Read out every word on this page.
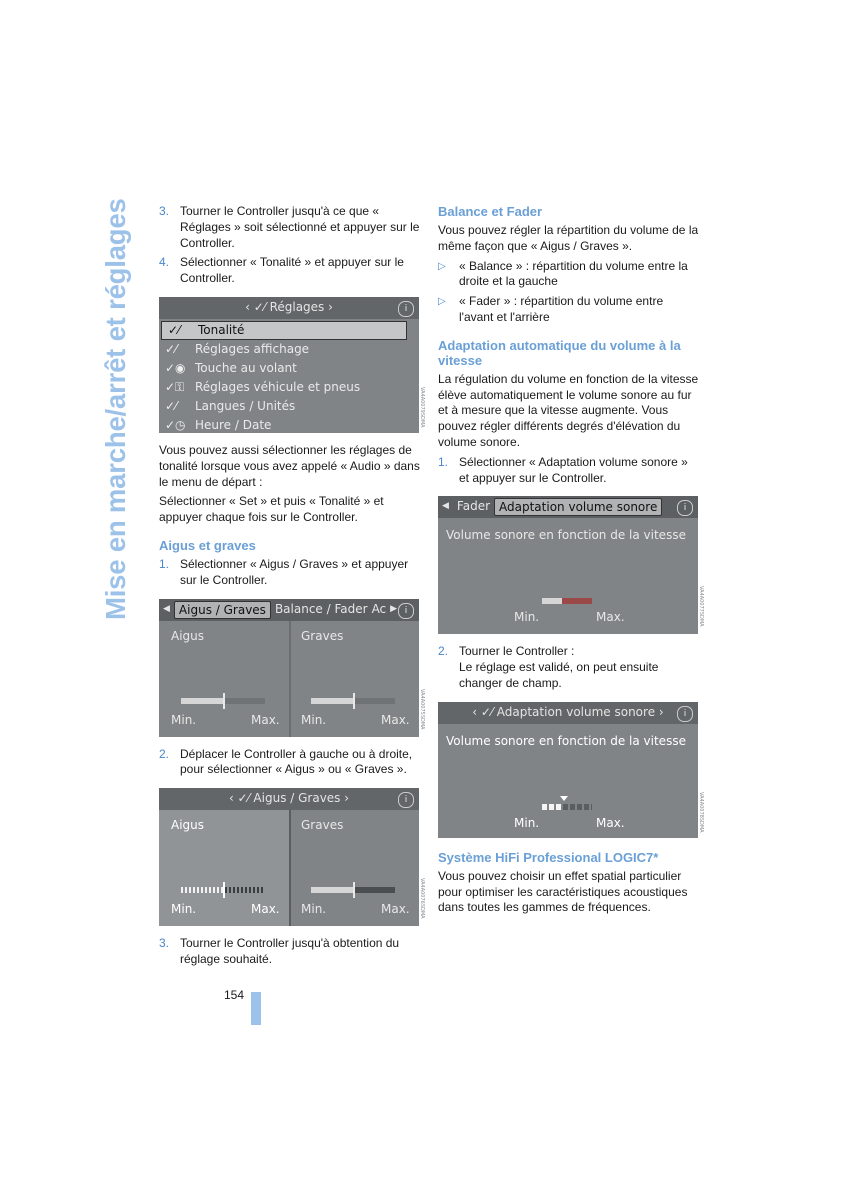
Mise en marche/arrêt et réglages	3. Tourner le Controller jusqu'à ce que « Réglages » soit sélectionné et appuyer sur le Controller.
4. Sélectionner « Tonalité » et appuyer sur le Controller.
‹ ✓⁄ Réglages ›	i
✓⁄	Tonalité
✓⁄	Réglages affichage
✓◉ Touche au volant
✓⚿ Réglages véhicule et pneus
✓⁄	Langues / Unités
✓◷ Heure / Date	VA4A0079SDMA

Vous pouvez aussi sélectionner les réglages de tonalité lorsque vous avez appelé « Audio » dans le menu de départ :

Sélectionner « Set » et puis « Tonalité » et appuyer chaque fois sur le Controller.

Aigus et graves
1. Sélectionner « Aigus / Graves » et appuyer sur le Controller.
◀ Aigus / Graves Balance / Fader Ac ▶ i
Aigus	Graves
Min.	Max. Min.	Max.	VA4A0075SDMA
2. Déplacer le Controller à gauche ou à droite, pour sélectionner « Aigus » ou « Graves ».
‹ ✓⁄ Aigus / Graves ›	i
Aigus	Graves
Min.	Max. Min.	Max.	VA4A0076SDMA
3. Tourner le Controller jusqu'à obtention du réglage souhaité.
Balance et Fader

Vous pouvez régler la répartition du volume de la même façon que « Aigus / Graves ».

▷	« Balance » : répartition du volume entre la droite et la gauche
▷	« Fader » : répartition du volume entre l'avant et l'arrière
Adaptation automatique du volume à la vitesse

La régulation du volume en fonction de la vitesse élève automatiquement le volume sonore au fur et à mesure que la vitesse augmente. Vous pouvez régler différents degrés d'élévation du volume sonore.

1. Sélectionner « Adaptation volume sonore » et appuyer sur le Controller.
◀ Fader Adaptation volume sonore	i
Volume sonore en fonction de la vitesse
Min.	Max.	VA4A0077SDMA
2. Tourner le Controller :
Le réglage est validé, on peut ensuite changer de champ.
‹ ✓⁄ Adaptation volume sonore ›	i
Volume sonore en fonction de la vitesse
Min.	Max.	VA4A0078SDMA
Système HiFi Professional LOGIC7*

Vous pouvez choisir un effet spatial particulier pour optimiser les caractéristiques acoustiques dans toutes les gammes de fréquences.

154
